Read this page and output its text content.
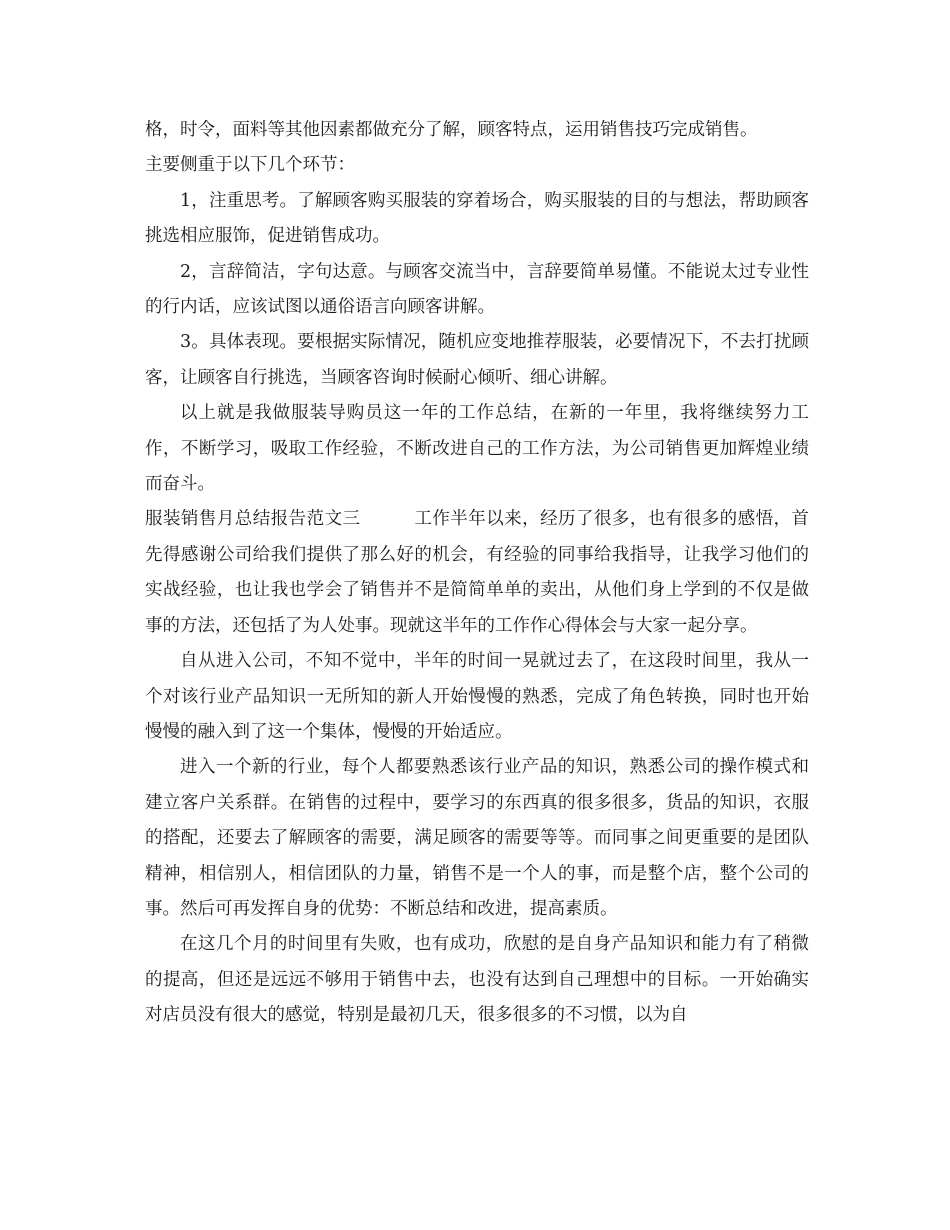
格，时令，面料等其他因素都做充分了解，顾客特点，运用销售技巧完成销售。

主要侧重于以下几个环节：

1，注重思考。了解顾客购买服装的穿着场合，购买服装的目的与想法，帮助顾客挑选相应服饰，促进销售成功。

2，言辞简洁，字句达意。与顾客交流当中，言辞要简单易懂。不能说太过专业性的行内话，应该试图以通俗语言向顾客讲解。

3。具体表现。要根据实际情况，随机应变地推荐服装，必要情况下，不去打扰顾客，让顾客自行挑选，当顾客咨询时候耐心倾听、细心讲解。

以上就是我做服装导购员这一年的工作总结，在新的一年里，我将继续努力工作，不断学习，吸取工作经验，不断改进自己的工作方法，为公司销售更加辉煌业绩而奋斗。

服装销售月总结报告范文三　　　工作半年以来，经历了很多，也有很多的感悟，首先得感谢公司给我们提供了那么好的机会，有经验的同事给我指导，让我学习他们的实战经验，也让我也学会了销售并不是简简单单的卖出，从他们身上学到的不仅是做事的方法，还包括了为人处事。现就这半年的工作作心得体会与大家一起分享。

自从进入公司，不知不觉中，半年的时间一晃就过去了，在这段时间里，我从一个对该行业产品知识一无所知的新人开始慢慢的熟悉，完成了角色转换，同时也开始慢慢的融入到了这一个集体，慢慢的开始适应。

进入一个新的行业，每个人都要熟悉该行业产品的知识，熟悉公司的操作模式和建立客户关系群。在销售的过程中，要学习的东西真的很多很多，货品的知识，衣服的搭配，还要去了解顾客的需要，满足顾客的需要等等。而同事之间更重要的是团队精神，相信别人，相信团队的力量，销售不是一个人的事，而是整个店，整个公司的事。然后可再发挥自身的优势：不断总结和改进，提高素质。

在这几个月的时间里有失败，也有成功，欣慰的是自身产品知识和能力有了稍微的提高，但还是远远不够用于销售中去，也没有达到自己理想中的目标。一开始确实对店员没有很大的感觉，特别是最初几天，很多很多的不习惯，以为自
